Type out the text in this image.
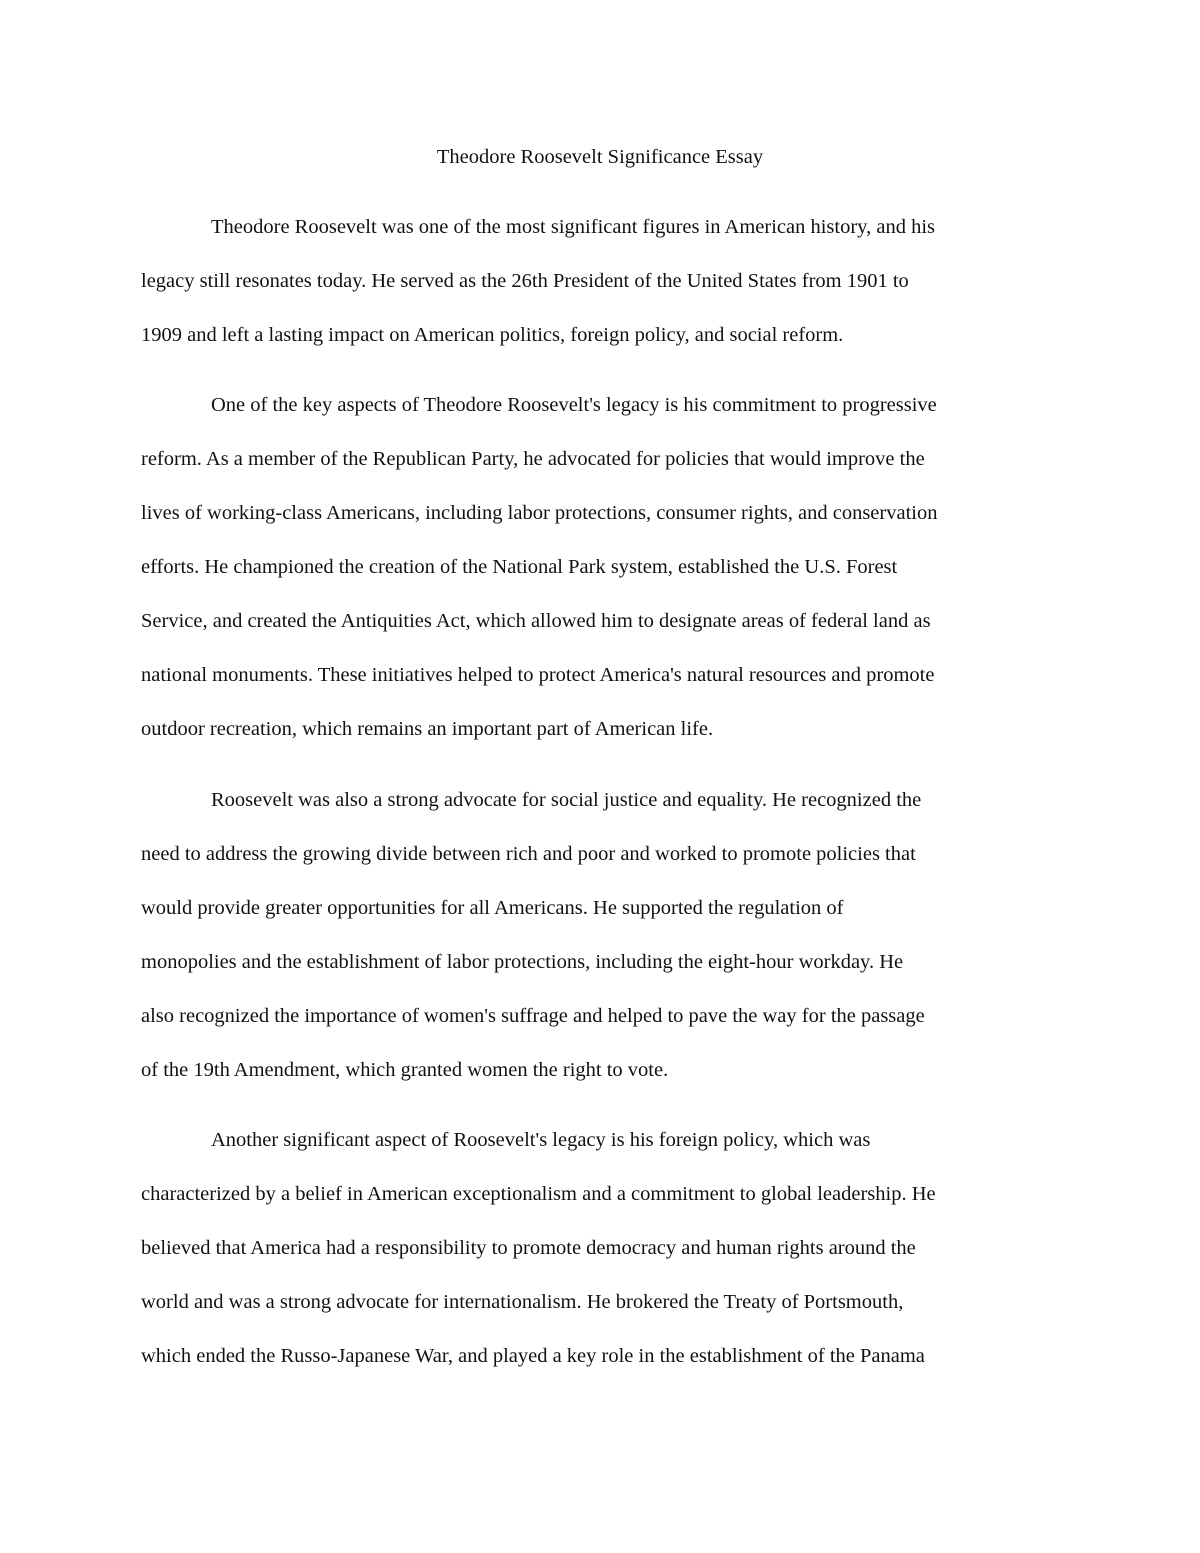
Theodore Roosevelt Significance Essay

Theodore Roosevelt was one of the most significant figures in American history, and his

legacy still resonates today. He served as the 26th President of the United States from 1901 to

1909 and left a lasting impact on American politics, foreign policy, and social reform.

One of the key aspects of Theodore Roosevelt's legacy is his commitment to progressive

reform. As a member of the Republican Party, he advocated for policies that would improve the

lives of working-class Americans, including labor protections, consumer rights, and conservation

efforts. He championed the creation of the National Park system, established the U.S. Forest

Service, and created the Antiquities Act, which allowed him to designate areas of federal land as

national monuments. These initiatives helped to protect America's natural resources and promote

outdoor recreation, which remains an important part of American life.

Roosevelt was also a strong advocate for social justice and equality. He recognized the

need to address the growing divide between rich and poor and worked to promote policies that

would provide greater opportunities for all Americans. He supported the regulation of

monopolies and the establishment of labor protections, including the eight-hour workday. He

also recognized the importance of women's suffrage and helped to pave the way for the passage

of the 19th Amendment, which granted women the right to vote.

Another significant aspect of Roosevelt's legacy is his foreign policy, which was

characterized by a belief in American exceptionalism and a commitment to global leadership. He

believed that America had a responsibility to promote democracy and human rights around the

world and was a strong advocate for internationalism. He brokered the Treaty of Portsmouth,

which ended the Russo-Japanese War, and played a key role in the establishment of the Panama
